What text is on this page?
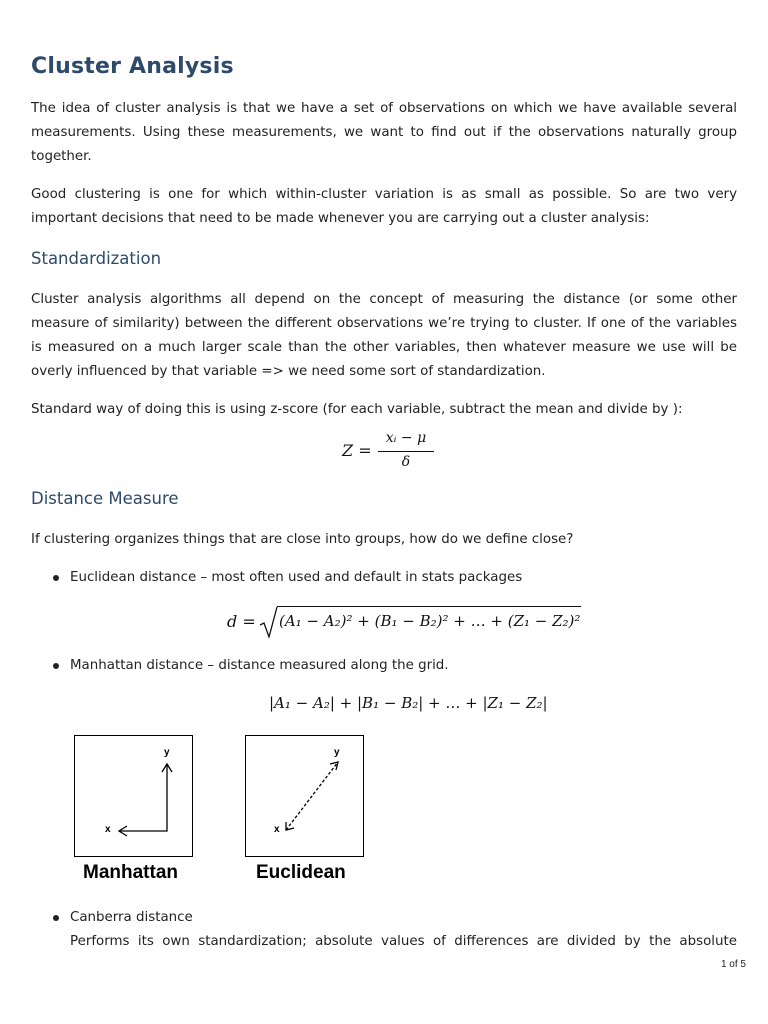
Cluster Analysis

The idea of cluster analysis is that we have a set of observations on which we have available several measurements. Using these measurements, we want to find out if the observations naturally group together.

Good clustering is one for which within-cluster variation is as small as possible. So are two very important decisions that need to be made whenever you are carrying out a cluster analysis:

Standardization

Cluster analysis algorithms all depend on the concept of measuring the distance (or some other measure of similarity) between the different observations we’re trying to cluster. If one of the variables is measured on a much larger scale than the other variables, then whatever measure we use will be overly influenced by that variable => we need some sort of standardization.

Standard way of doing this is using z-score (for each variable, subtract the mean and divide by ):

Z =
xᵢ − μ
δ
Distance Measure

If clustering organizes things that are close into groups, how do we define close?

Euclidean distance – most often used and default in stats packages

d = (A₁ − A₂)² + (B₁ − B₂)² + … + (Z₁ − Z₂)²

Manhattan distance – distance measured along the grid.

|A₁ − A₂| + |B₁ − B₂| + … + |Z₁ − Z₂|
y
x
Manhattan
y
x
Euclidean

Canberra distance

Performs its own standardization; absolute values of differences are divided by the absolute

1 of 5
